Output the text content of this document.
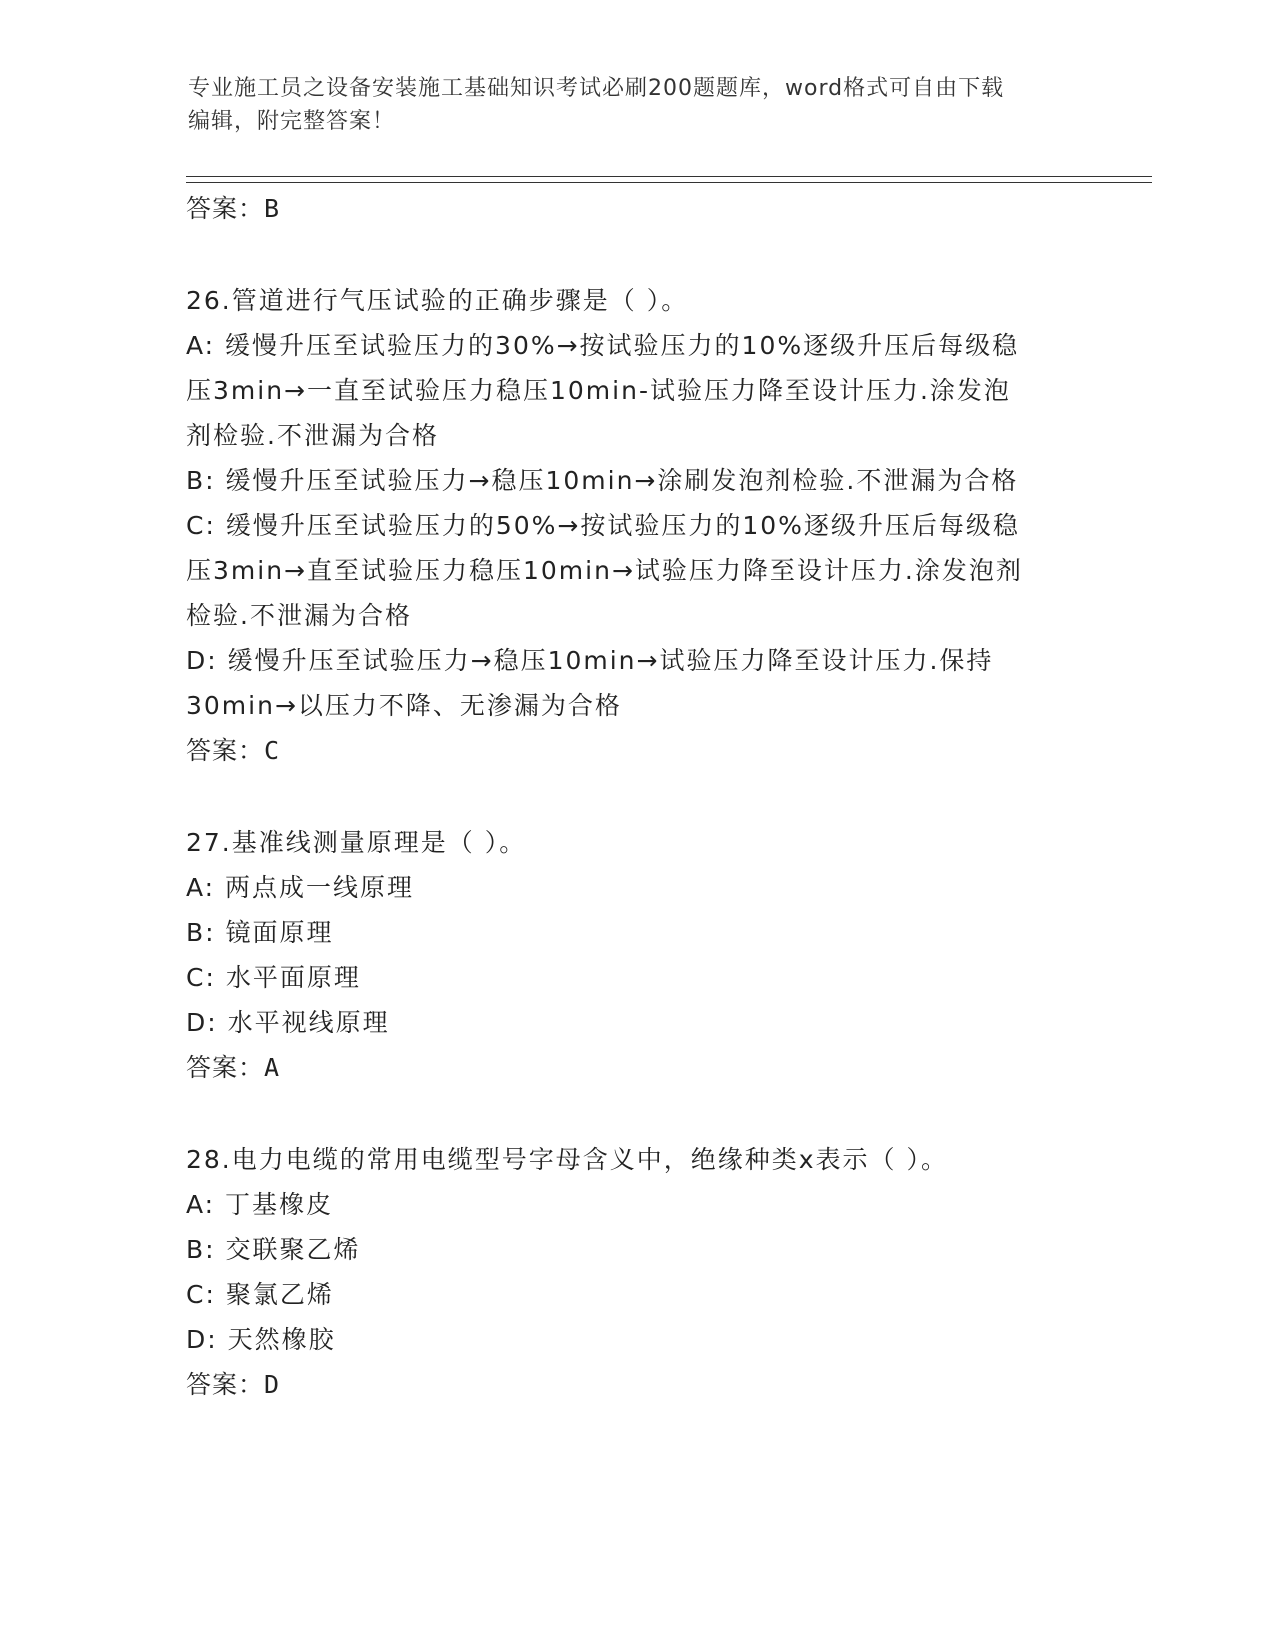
专业施工员之设备安装施工基础知识考试必刷200题题库，word格式可自由下载
编辑，附完整答案！
答案：B
26.管道进行气压试验的正确步骤是（ ）。
A: 缓慢升压至试验压力的30%→按试验压力的10%逐级升压后每级稳
压3min→一直至试验压力稳压10min-试验压力降至设计压力.涂发泡
剂检验.不泄漏为合格
B: 缓慢升压至试验压力→稳压10min→涂刷发泡剂检验.不泄漏为合格
C: 缓慢升压至试验压力的50%→按试验压力的10%逐级升压后每级稳
压3min→直至试验压力稳压10min→试验压力降至设计压力.涂发泡剂
检验.不泄漏为合格
D: 缓慢升压至试验压力→稳压10min→试验压力降至设计压力.保持
30min→以压力不降、无渗漏为合格
答案：C
27.基准线测量原理是（ ）。
A: 两点成一线原理
B: 镜面原理
C: 水平面原理
D: 水平视线原理
答案：A
28.电力电缆的常用电缆型号字母含义中，绝缘种类x表示（ ）。
A: 丁基橡皮
B: 交联聚乙烯
C: 聚氯乙烯
D: 天然橡胶
答案：D
